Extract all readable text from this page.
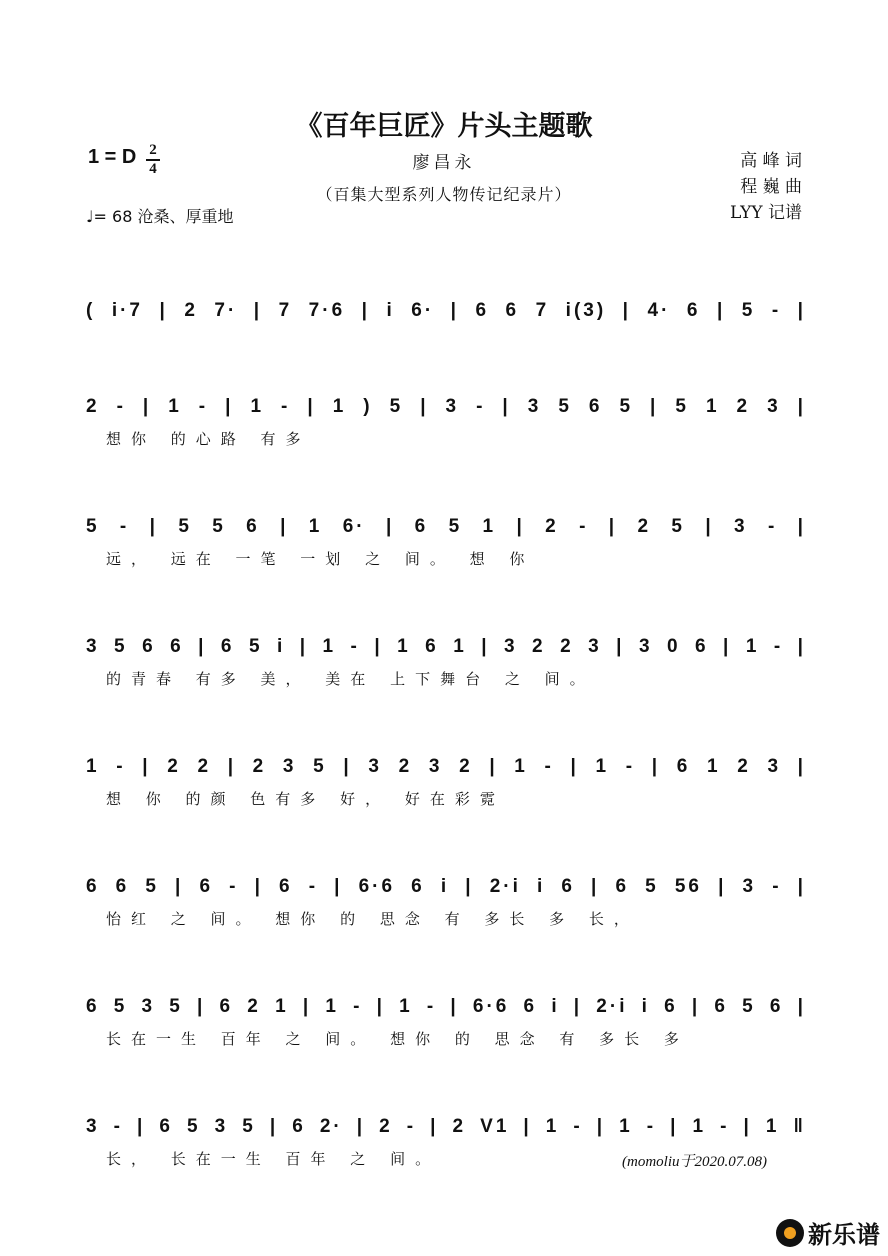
《百年巨匠》片头主题歌
1 = D 2
4
♩= 68 沧桑、厚重地
廖昌永
（百集大型系列人物传记纪录片）
高 峰 词
程 巍 曲
LYY 记谱
( i·7 | 2 7· | 7 7·6 | i 6· | 6 6 7 i(3) | 4· 6 | 5 - |
2 - | 1 - | 1 - | 1 ) 5 | 3 - | 3 5 6 5 | 5 1 2 3 |
想你 的心路 有多
5 - | 5 5 6 | 1 6· | 6 5 1 | 2 - | 2 5 | 3 - |
远， 远在 一笔 一划 之 间。 想 你
3 5 6 6 | 6 5 i | 1 - | 1 6 1 | 3 2 2 3 | 3 0 6 | 1 - |
的青春 有多 美， 美在 上下舞台 之 间。
1 - | 2 2 | 2 3 5 | 3 2 3 2 | 1 - | 1 - | 6 1 2 3 |
想 你 的颜 色有多 好， 好在彩霓
6 6 5 | 6 - | 6 - | 6·6 6 i | 2·i i 6 | 6 5 56 | 3 - |
怡红 之 间。 想你 的 思念 有 多长 多 长，
6 5 3 5 | 6 2 1 | 1 - | 1 - | 6·6 6 i | 2·i i 6 | 6 5 6 |
长在一生 百年 之 间。 想你 的 思念 有 多长 多
3 - | 6 5 3 5 | 6 2· | 2 - | 2 V1 | 1 - | 1 - | 1 - | 1 ‖
长， 长在一生 百年 之 间。	(momoliu于2020.07.08)
新乐谱
